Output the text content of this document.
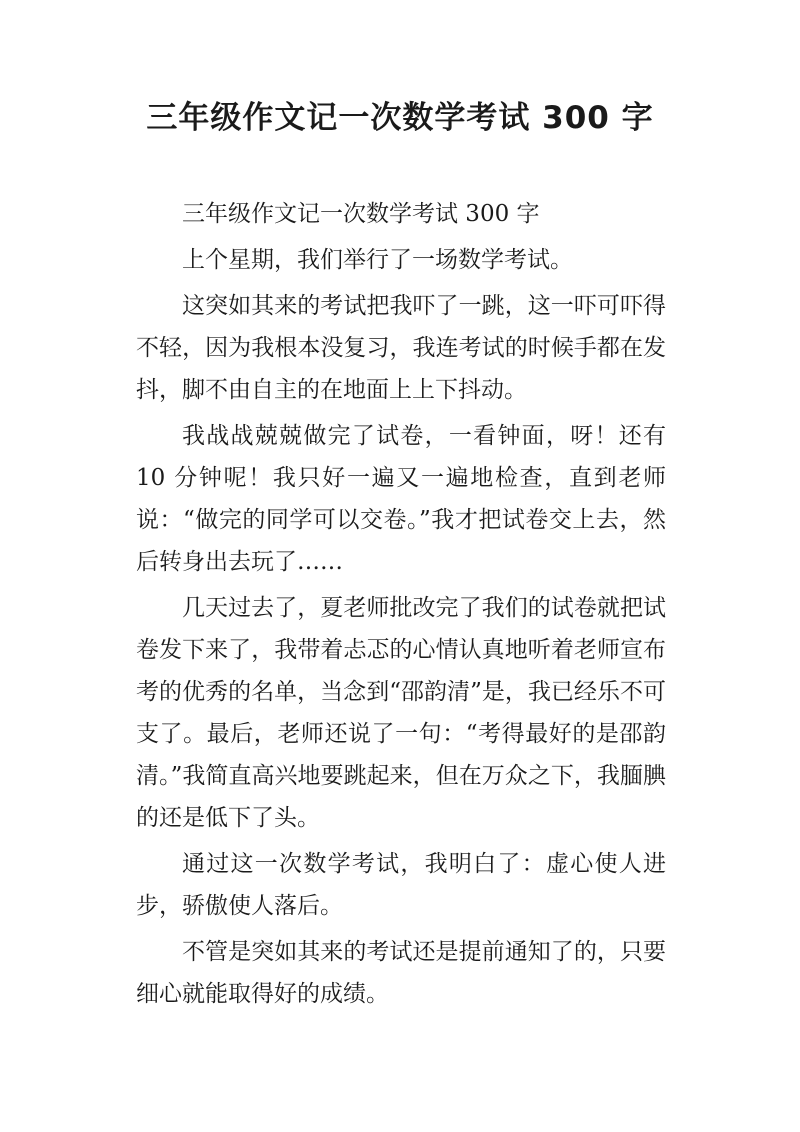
三年级作文记一次数学考试 300 字

三年级作文记一次数学考试 300 字

上个星期，我们举行了一场数学考试。

这突如其来的考试把我吓了一跳，这一吓可吓得不轻，因为我根本没复习，我连考试的时候手都在发抖，脚不由自主的在地面上上下抖动。

我战战兢兢做完了试卷，一看钟面，呀！还有 10 分钟呢！我只好一遍又一遍地检查，直到老师说：“做完的同学可以交卷。”我才把试卷交上去，然后转身出去玩了……

几天过去了，夏老师批改完了我们的试卷就把试卷发下来了，我带着忐忑的心情认真地听着老师宣布考的优秀的名单，当念到“邵韵清”是，我已经乐不可支了。最后，老师还说了一句：“考得最好的是邵韵清。”我简直高兴地要跳起来，但在万众之下，我腼腆的还是低下了头。

通过这一次数学考试，我明白了：虚心使人进步，骄傲使人落后。

不管是突如其来的考试还是提前通知了的，只要细心就能取得好的成绩。
